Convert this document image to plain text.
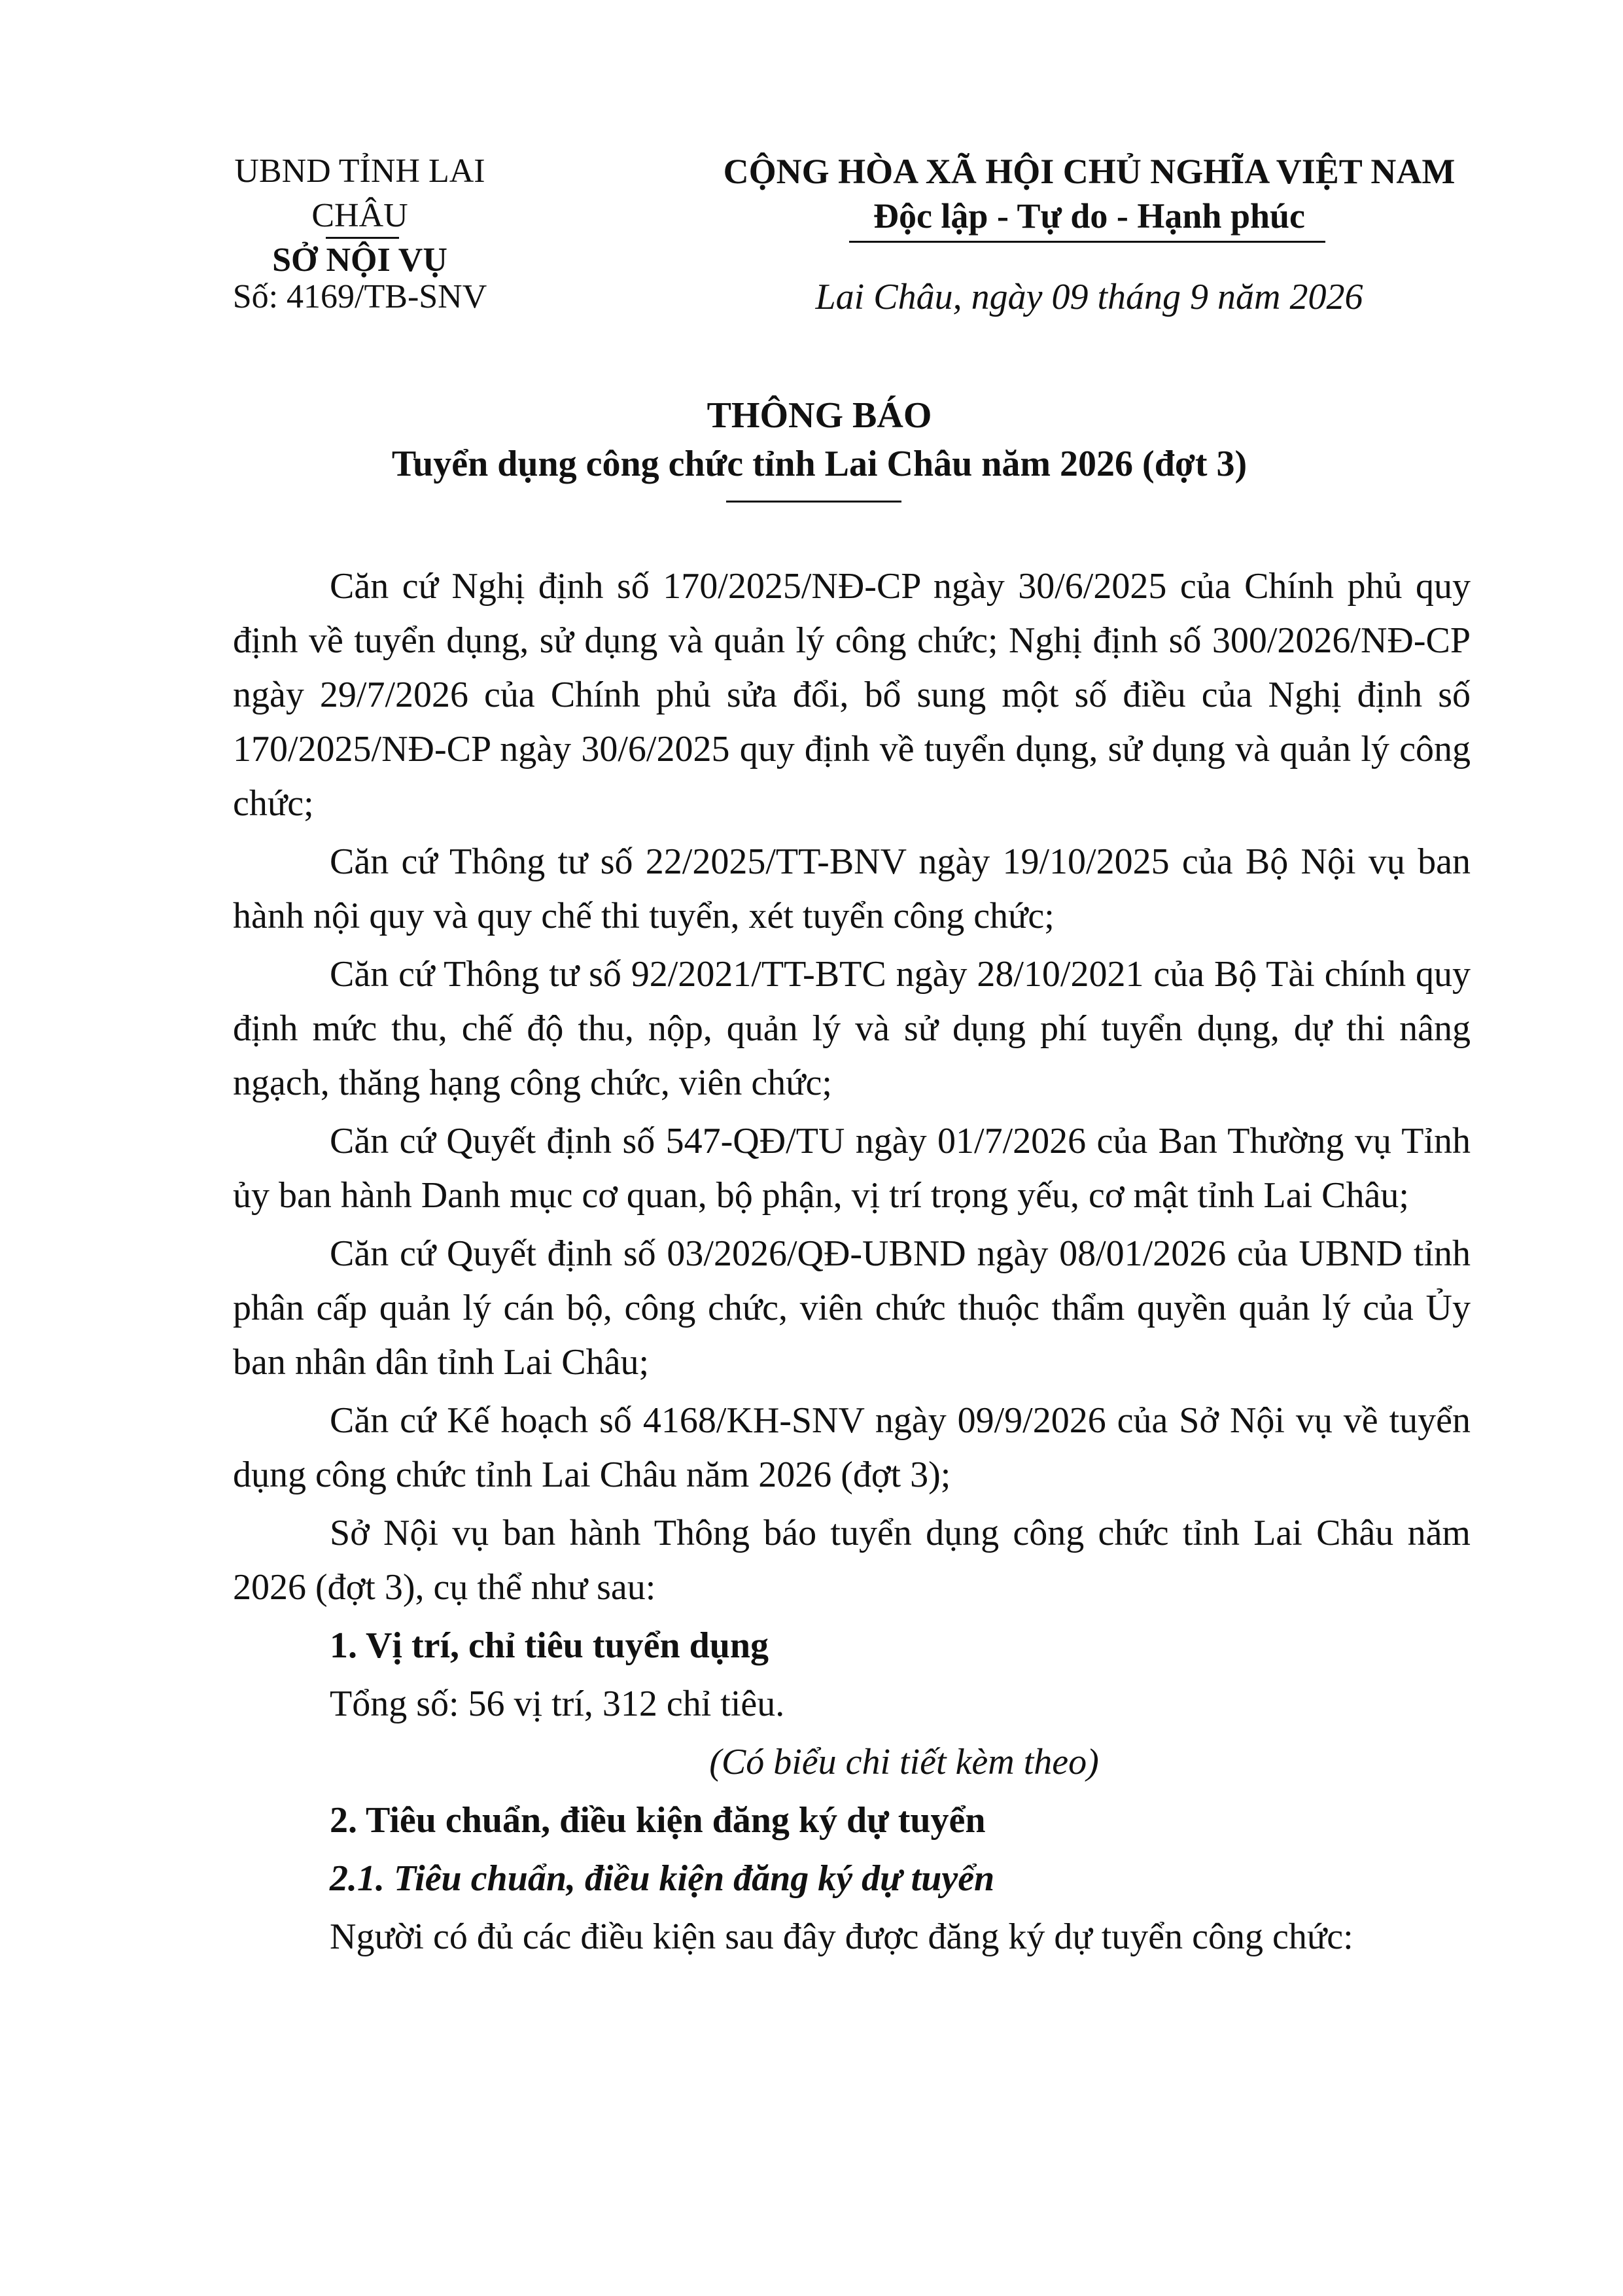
UBND TỈNH LAI CHÂU
SỞ NỘI VỤ
CỘNG HÒA XÃ HỘI CHỦ NGHĨA VIỆT NAM
Độc lập - Tự do - Hạnh phúc
Số: 4169/TB-SNV	Lai Châu, ngày 09 tháng 9 năm 2026
THÔNG BÁO
Tuyển dụng công chức tỉnh Lai Châu năm 2026 (đợt 3)

Căn cứ Nghị định số 170/2025/NĐ-CP ngày 30/6/2025 của Chính phủ quy định về tuyển dụng, sử dụng và quản lý công chức; Nghị định số 300/2026/NĐ-CP ngày 29/7/2026 của Chính phủ sửa đổi, bổ sung một số điều của Nghị định số 170/2025/NĐ-CP ngày 30/6/2025 quy định về tuyển dụng, sử dụng và quản lý công chức;

Căn cứ Thông tư số 22/2025/TT-BNV ngày 19/10/2025 của Bộ Nội vụ ban hành nội quy và quy chế thi tuyển, xét tuyển công chức;

Căn cứ Thông tư số 92/2021/TT-BTC ngày 28/10/2021 của Bộ Tài chính quy định mức thu, chế độ thu, nộp, quản lý và sử dụng phí tuyển dụng, dự thi nâng ngạch, thăng hạng công chức, viên chức;

Căn cứ Quyết định số 547-QĐ/TU ngày 01/7/2026 của Ban Thường vụ Tỉnh ủy ban hành Danh mục cơ quan, bộ phận, vị trí trọng yếu, cơ mật tỉnh Lai Châu;

Căn cứ Quyết định số 03/2026/QĐ-UBND ngày 08/01/2026 của UBND tỉnh phân cấp quản lý cán bộ, công chức, viên chức thuộc thẩm quyền quản lý của Ủy ban nhân dân tỉnh Lai Châu;

Căn cứ Kế hoạch số 4168/KH-SNV ngày 09/9/2026 của Sở Nội vụ về tuyển dụng công chức tỉnh Lai Châu năm 2026 (đợt 3);

Sở Nội vụ ban hành Thông báo tuyển dụng công chức tỉnh Lai Châu năm 2026 (đợt 3), cụ thể như sau:

1. Vị trí, chỉ tiêu tuyển dụng

Tổng số: 56 vị trí, 312 chỉ tiêu.

(Có biểu chi tiết kèm theo)

2. Tiêu chuẩn, điều kiện đăng ký dự tuyển

2.1. Tiêu chuẩn, điều kiện đăng ký dự tuyển

Người có đủ các điều kiện sau đây được đăng ký dự tuyển công chức:
